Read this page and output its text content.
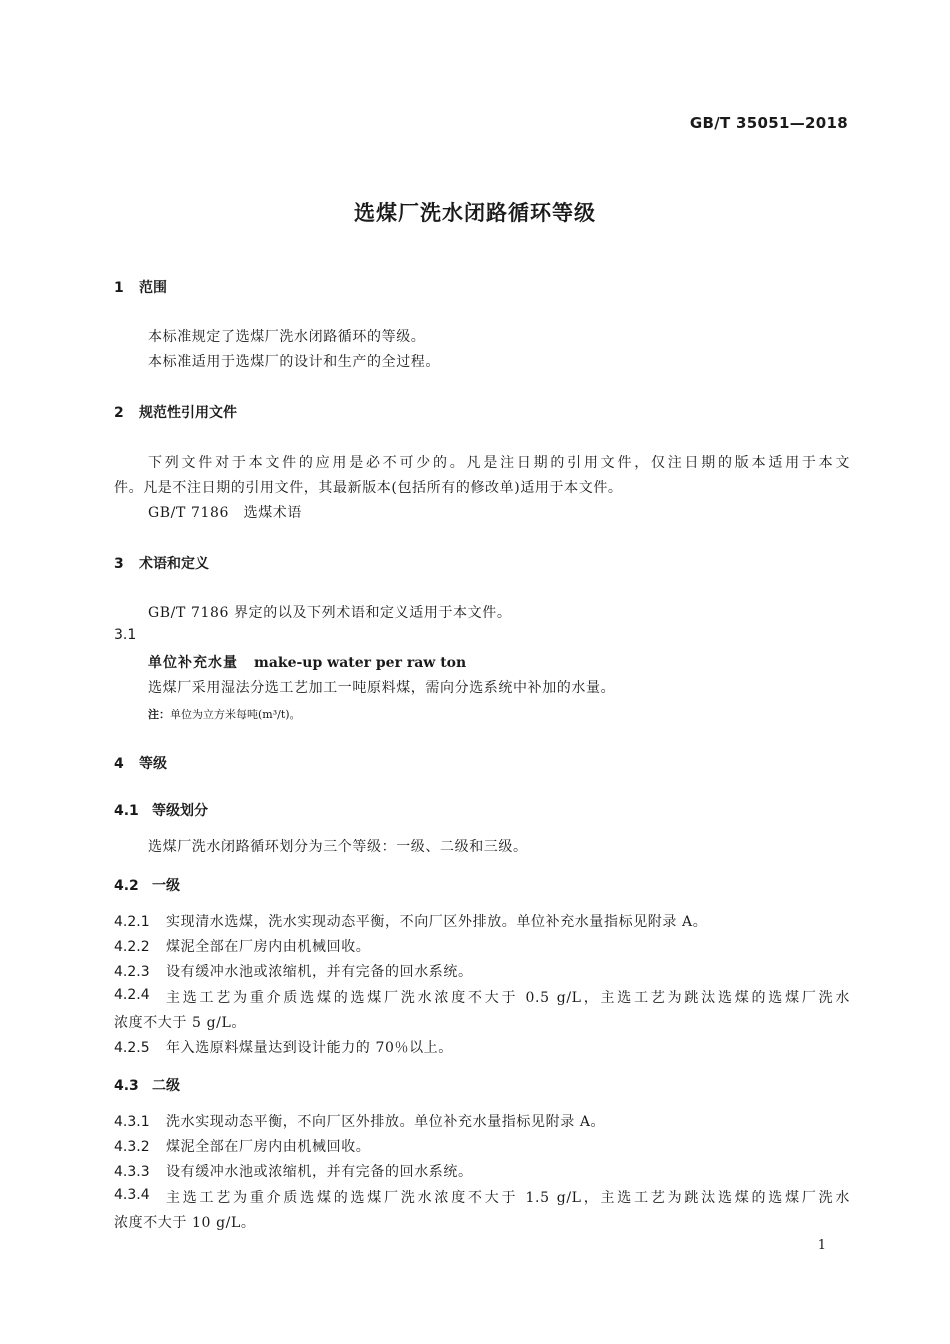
GB/T 35051—2018
选煤厂洗水闭路循环等级
1 范围
本标准规定了选煤厂洗水闭路循环的等级。
本标准适用于选煤厂的设计和生产的全过程。
2 规范性引用文件
下列文件对于本文件的应用是必不可少的。凡是注日期的引用文件，仅注日期的版本适用于本文
件。凡是不注日期的引用文件，其最新版本(包括所有的修改单)适用于本文件。
GB/T 7186　选煤术语
3 术语和定义
GB/T 7186 界定的以及下列术语和定义适用于本文件。
3.1
单位补充水量 make-up water per raw ton
选煤厂采用湿法分选工艺加工一吨原料煤，需向分选系统中补加的水量。
注：单位为立方米每吨(m³/t)。
4 等级
4.1 等级划分
选煤厂洗水闭路循环划分为三个等级：一级、二级和三级。
4.2 一级
4.2.1 实现清水选煤，洗水实现动态平衡，不向厂区外排放。单位补充水量指标见附录 A。
4.2.2 煤泥全部在厂房内由机械回收。
4.2.3 设有缓冲水池或浓缩机，并有完备的回水系统。
4.2.4	主选工艺为重介质选煤的选煤厂洗水浓度不大于 0.5 g/L，主选工艺为跳汰选煤的选煤厂洗水
浓度不大于 5 g/L。
4.2.5 年入选原料煤量达到设计能力的 70％以上。
4.3 二级
4.3.1 洗水实现动态平衡，不向厂区外排放。单位补充水量指标见附录 A。
4.3.2 煤泥全部在厂房内由机械回收。
4.3.3 设有缓冲水池或浓缩机，并有完备的回水系统。
4.3.4	主选工艺为重介质选煤的选煤厂洗水浓度不大于 1.5 g/L，主选工艺为跳汰选煤的选煤厂洗水
浓度不大于 10 g/L。
1
